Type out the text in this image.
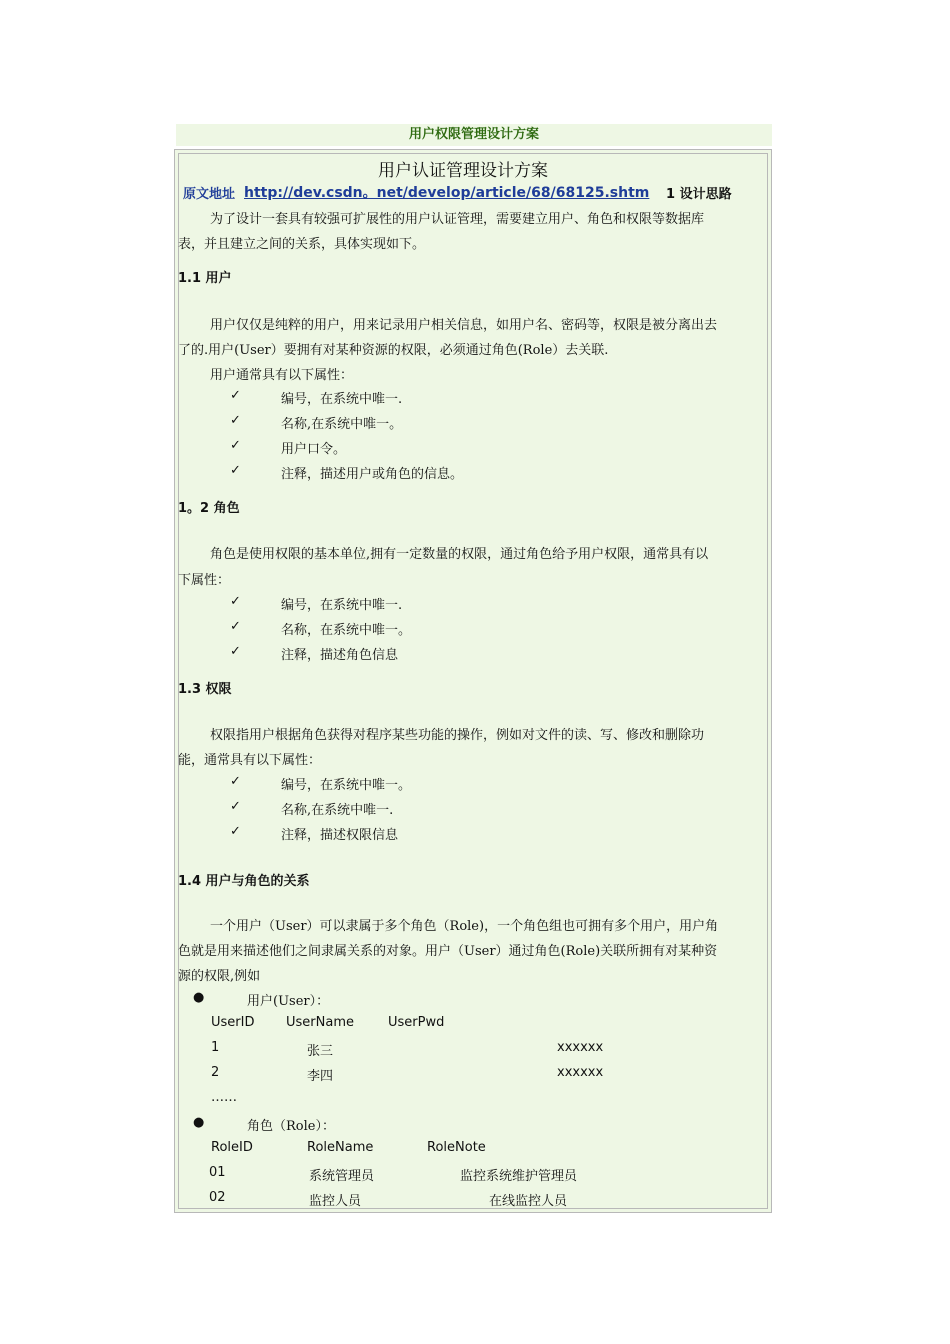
用户权限管理设计方案
用户认证管理设计方案
原文地址 http://dev.csdn。net/develop/article/68/68125.shtm 1 设计思路
为了设计一套具有较强可扩展性的用户认证管理，需要建立用户、角色和权限等数据库
表，并且建立之间的关系，具体实现如下。
1.1 用户
用户仅仅是纯粹的用户，用来记录用户相关信息，如用户名、密码等，权限是被分离出去
了的.用户(User）要拥有对某种资源的权限，必须通过角色(Role）去关联.
用户通常具有以下属性：
✓	编号，在系统中唯一.
✓	名称,在系统中唯一。
✓	用户口令。
✓	注释，描述用户或角色的信息。
1。2 角色
角色是使用权限的基本单位,拥有一定数量的权限，通过角色给予用户权限，通常具有以
下属性：
✓	编号，在系统中唯一.
✓	名称，在系统中唯一。
✓	注释，描述角色信息
1.3 权限
权限指用户根据角色获得对程序某些功能的操作，例如对文件的读、写、修改和删除功
能，通常具有以下属性：
✓	编号，在系统中唯一。
✓	名称,在系统中唯一.
✓	注释，描述权限信息
1.4 用户与角色的关系
一个用户（User）可以隶属于多个角色（Role)，一个角色组也可拥有多个用户，用户角
色就是用来描述他们之间隶属关系的对象。用户（User）通过角色(Role)关联所拥有对某种资
源的权限,例如
●	用户(User）：
UserID UserName	UserPwd
1	张三	xxxxxx
2	李四	xxxxxx
……
●	角色（Role）：
RoleID	RoleName	RoleNote
01	系统管理员	监控系统维护管理员
02	监控人员	在线监控人员
